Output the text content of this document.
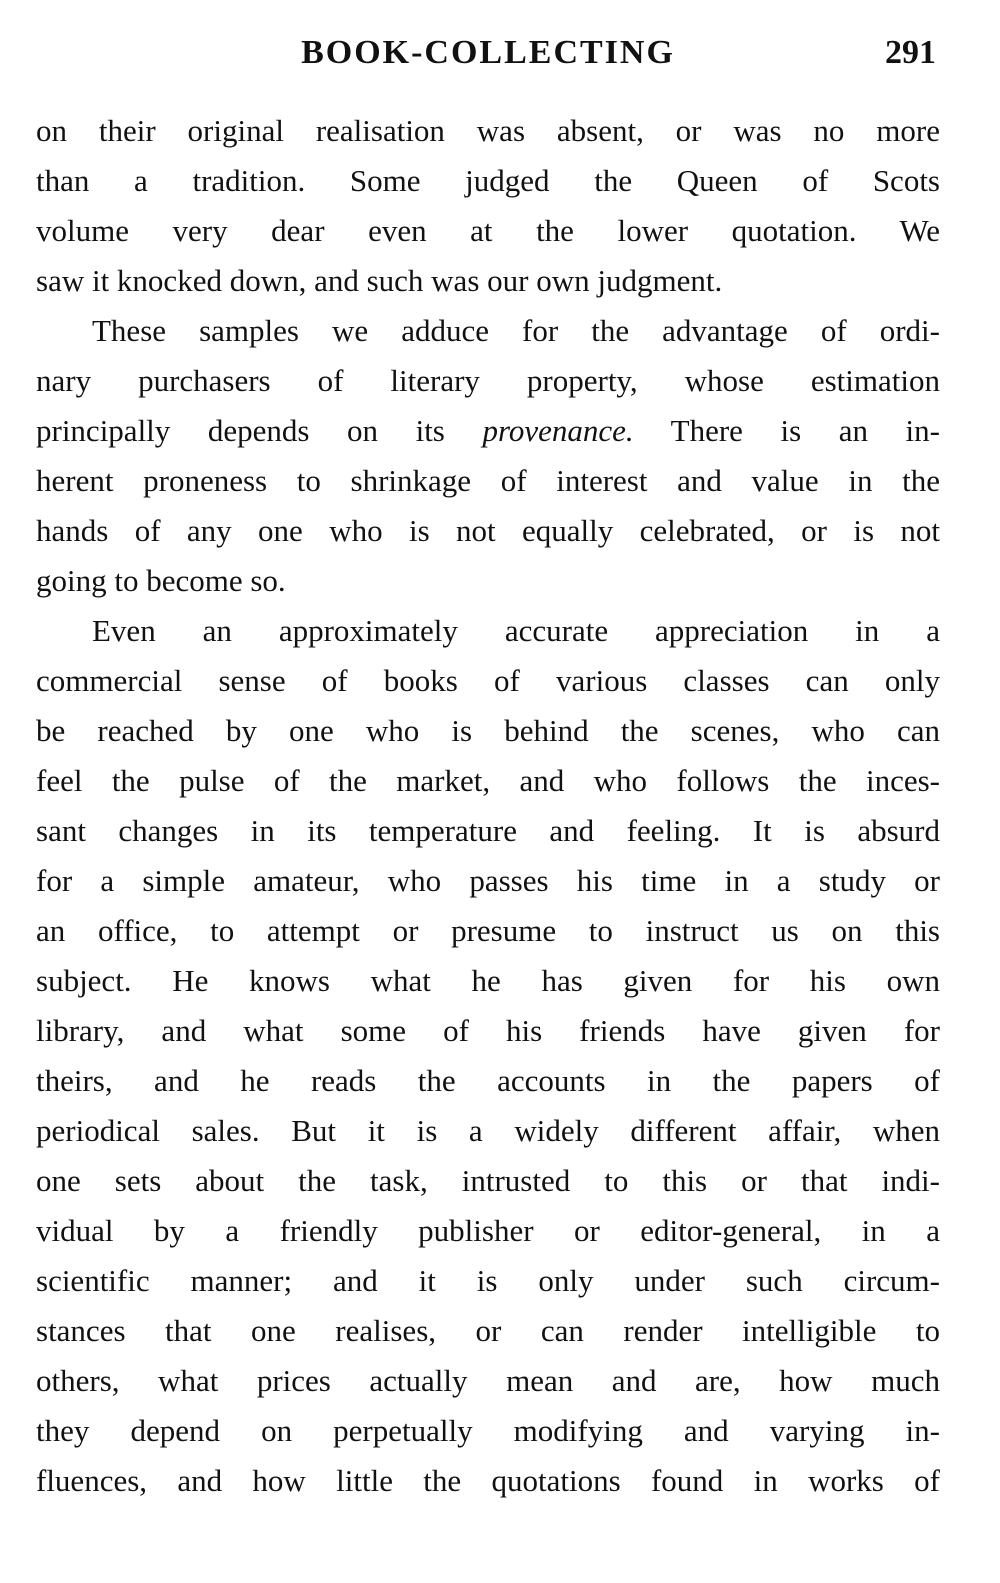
BOOK-COLLECTING	291
on their original realisation was absent, or was no more
than a tradition. Some judged the Queen of Scots
volume very dear even at the lower quotation. We
saw it knocked down, and such was our own judgment.
These samples we adduce for the advantage of ordi-
nary purchasers of literary property, whose estimation
principally depends on its provenance. There is an in-
herent proneness to shrinkage of interest and value in the
hands of any one who is not equally celebrated, or is not
going to become so.
Even an approximately accurate appreciation in a
commercial sense of books of various classes can only
be reached by one who is behind the scenes, who can
feel the pulse of the market, and who follows the inces-
sant changes in its temperature and feeling. It is absurd
for a simple amateur, who passes his time in a study or
an office, to attempt or presume to instruct us on this
subject. He knows what he has given for his own
library, and what some of his friends have given for
theirs, and he reads the accounts in the papers of
periodical sales. But it is a widely different affair, when
one sets about the task, intrusted to this or that indi-
vidual by a friendly publisher or editor-general, in a
scientific manner; and it is only under such circum-
stances that one realises, or can render intelligible to
others, what prices actually mean and are, how much
they depend on perpetually modifying and varying in-
fluences, and how little the quotations found in works of
